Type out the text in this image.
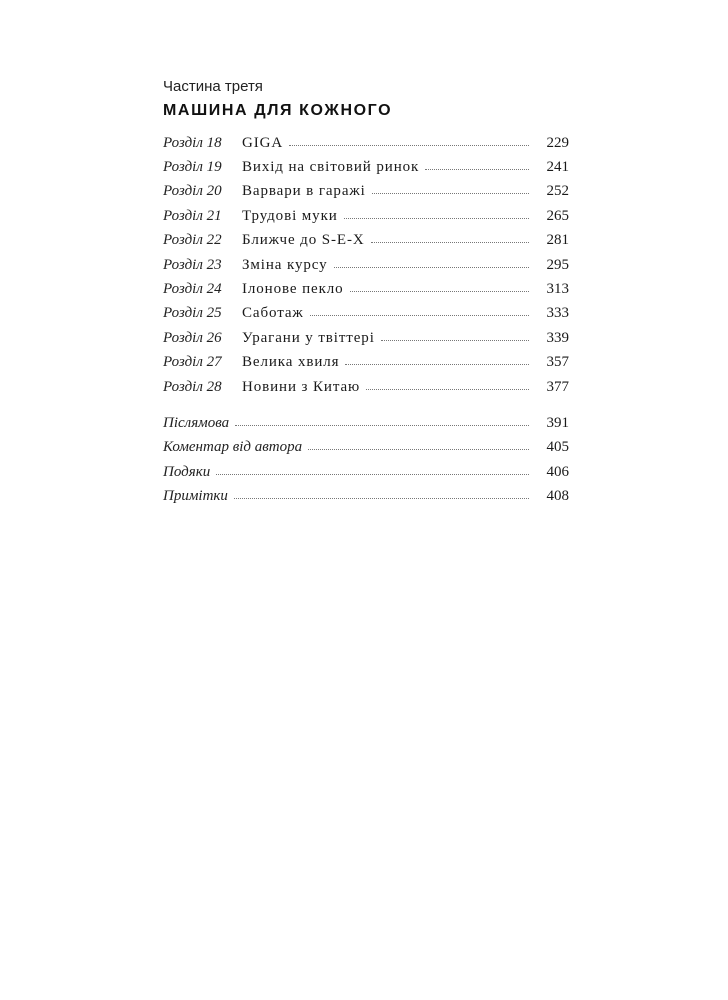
Частина третя
МАШИНА ДЛЯ КОЖНОГО
Розділ 18	GIGA	229
Розділ 19	Вихід на світовий ринок	241
Розділ 20	Варвари в гаражі	252
Розділ 21	Трудові муки	265
Розділ 22	Ближче до S-E-X	281
Розділ 23	Зміна курсу	295
Розділ 24	Ілонове пекло	313
Розділ 25	Саботаж	333
Розділ 26	Урагани у твіттері	339
Розділ 27	Велика хвиля	357
Розділ 28	Новини з Китаю	377
Післямова	391
Коментар від автора	405
Подяки	406
Примітки	408
